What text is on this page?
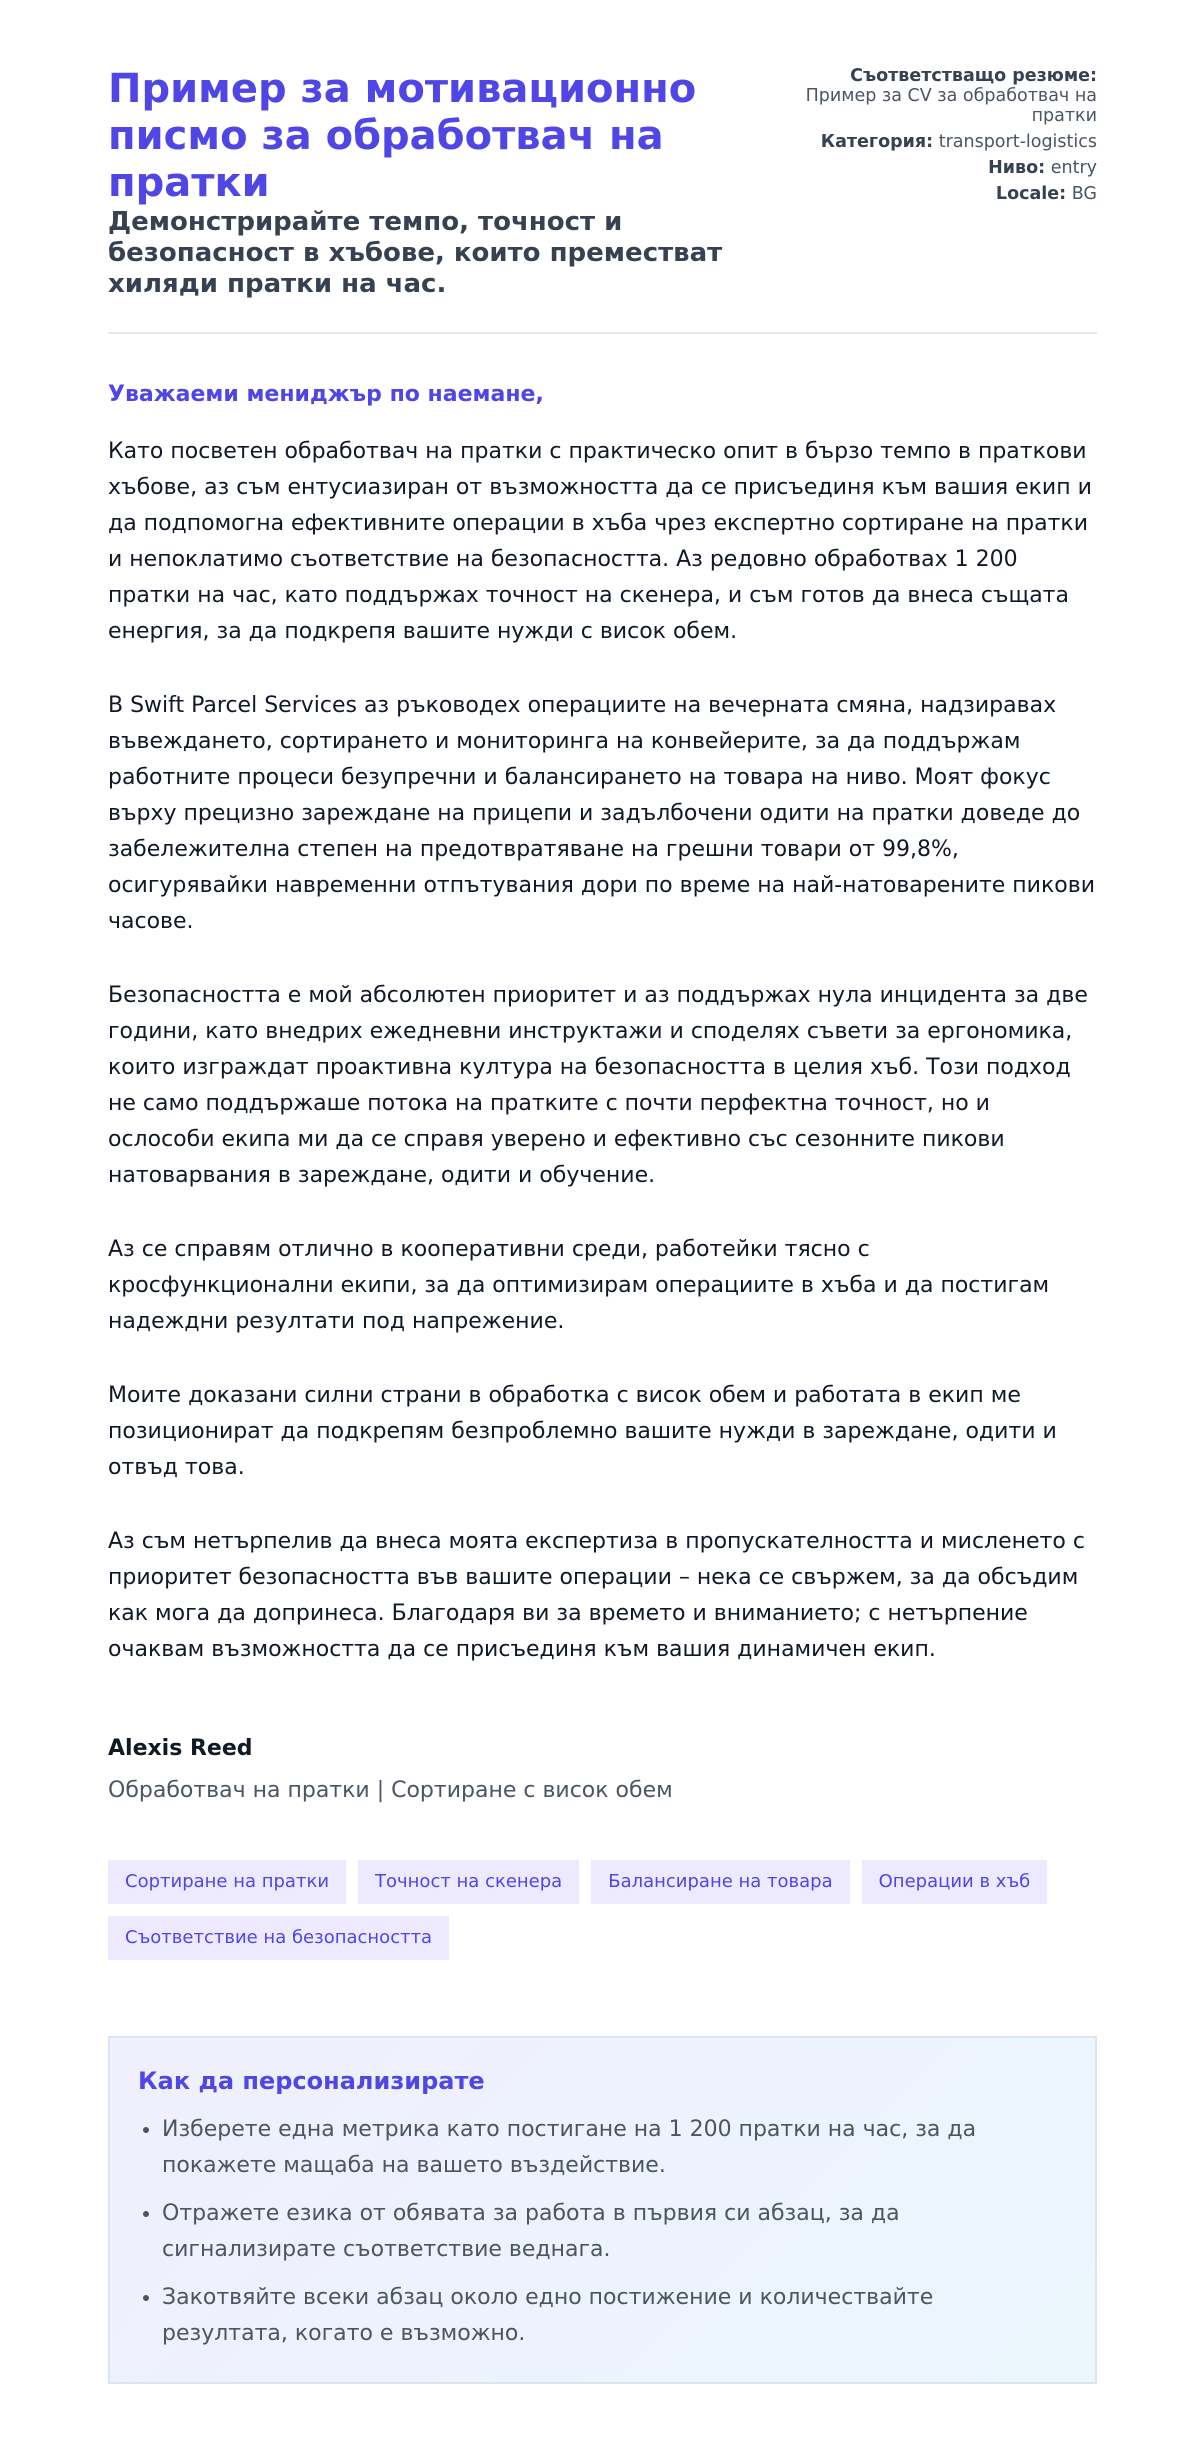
Пример за мотивационно писмо за обработвач на пратки

Демонстрирайте темпо, точност и безопасност в хъбове, които преместват хиляди пратки на час.

Съответстващо резюме:
Пример за CV за обработвач на пратки
Категория: transport-logistics
Ниво: entry
Locale: BG

Уважаеми мениджър по наемане,

Като посветен обработвач на пратки с практическо опит в бързо темпо в праткови хъбове, аз съм ентусиазиран от възможността да се присъединя към вашия екип и да подпомогна ефективните операции в хъба чрез експертно сортиране на пратки и непоклатимо съответствие на безопасността. Аз редовно обработвах 1 200 пратки на час, като поддържах точност на скенера, и съм готов да внеса същата енергия, за да подкрепя вашите нужди с висок обем.

В Swift Parcel Services аз ръководех операциите на вечерната смяна, надзиравах въвеждането, сортирането и мониторинга на конвейерите, за да поддържам работните процеси безупречни и балансирането на товара на ниво. Моят фокус върху прецизно зареждане на прицепи и задълбочени одити на пратки доведе до забележителна степен на предотвратяване на грешни товари от 99,8%, осигурявайки навременни отпътувания дори по време на най-натоварените пикови часове.

Безопасността е мой абсолютен приоритет и аз поддържах нула инцидента за две години, като внедрих ежедневни инструктажи и споделях съвети за ергономика, които изграждат проактивна култура на безопасността в целия хъб. Този подход не само поддържаше потока на пратките с почти перфектна точност, но и ослособи екипа ми да се справя уверено и ефективно със сезонните пикови натоварвания в зареждане, одити и обучение.

Аз се справям отлично в кооперативни среди, работейки тясно с кросфункционални екипи, за да оптимизирам операциите в хъба и да постигам надеждни резултати под напрежение.

Моите доказани силни страни в обработка с висок обем и работата в екип ме позиционират да подкрепям безпроблемно вашите нужди в зареждане, одити и отвъд това.

Аз съм нетърпелив да внеса моята експертиза в пропускателността и мисленето с приоритет безопасността във вашите операции – нека се свържем, за да обсъдим как мога да допринеса. Благодаря ви за времето и вниманието; с нетърпение очаквам възможността да се присъединя към вашия динамичен екип.

Alexis Reed
Обработвач на пратки | Сортиране с висок обем
Сортиране на пратки	Точност на скенера	Балансиране на товара	Операции в хъб
Съответствие на безопасността
Как да персонализирате
• Изберете една метрика като постигане на 1 200 пратки на час, за да покажете мащаба на вашето въздействие.
• Отражете езика от обявата за работа в първия си абзац, за да сигнализирате съответствие веднага.
• Закотвяйте всеки абзац около едно постижение и количествайте резултата, когато е възможно.
